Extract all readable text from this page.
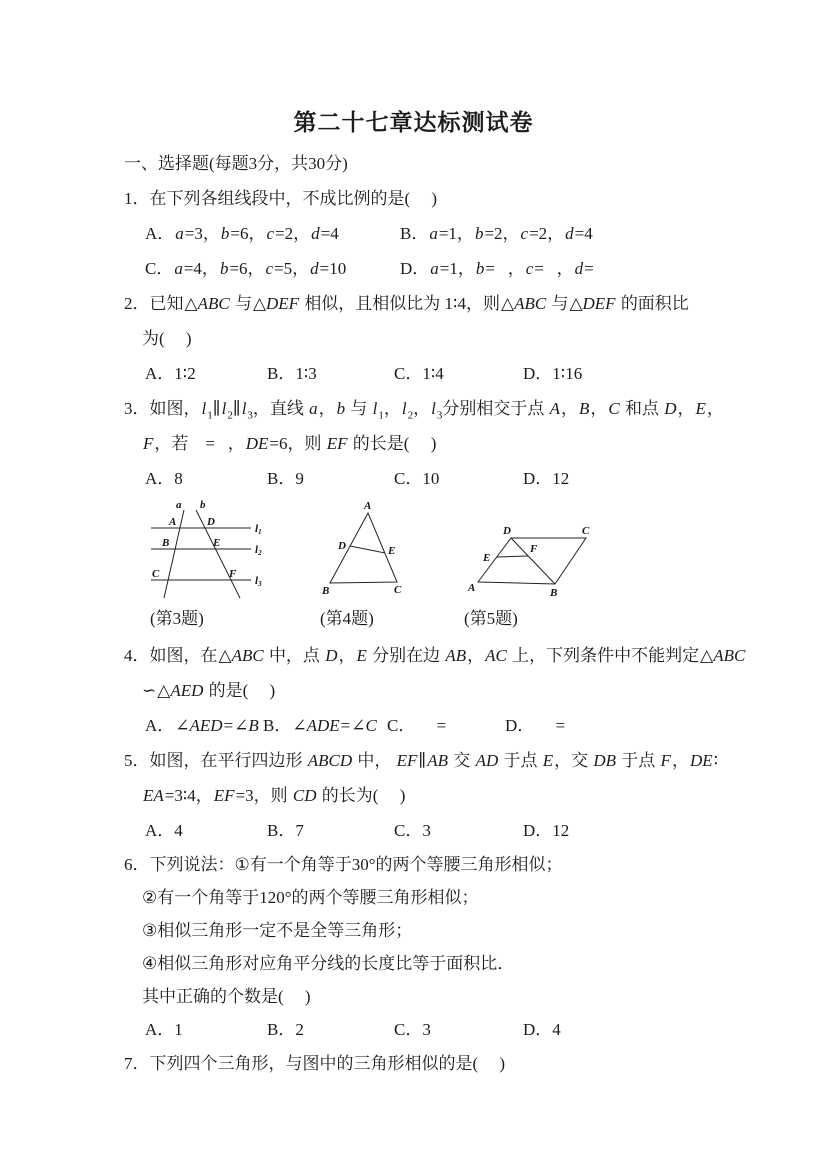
第二十七章达标测试卷
一、选择题(每题3分，共30分)
1．在下列各组线段中，不成比例的是(     )
A．a=3，b=6，c=2，d=4	B．a=1，b=2，c=2，d=4
C．a=4，b=6，c=5，d=10	D．a=1，b=   ，c=   ，d=
2．已知△ABC 与△DEF 相似，且相似比为 1∶4，则△ABC 与△DEF 的面积比
为(     )
A．1∶2	B．1∶3	C．1∶4	D．1∶16
3．如图，$l_1\parallel l_2\parallel l_3$，直线 a，b 与 $l_1$，$l_2$，$l_3$分别相交于点 A，B，C 和点 D，E，
F，若    =   ，DE=6，则 EF 的长是(     )
A．8	B．9	C．10	D．12
a b
A	D
B	E
C	F
l1
l2
l3
(第3题)
A
B	C
D	E
(第4题)
A	B
C
D
E
F
(第5题)
4．如图，在△ABC 中，点 D，E 分别在边 AB，AC 上，下列条件中不能判定△ABC
∽△AED 的是(     )
A．∠AED=∠B B．∠ADE=∠C C．     =	D．     =
5．如图，在平行四边形 ABCD 中， EF∥AB 交 AD 于点 E，交 DB 于点 F，DE∶
EA=3∶4，EF=3，则 CD 的长为(     )
A．4	B．7	C．3	D．12
6．下列说法：①有一个角等于30°的两个等腰三角形相似；
②有一个角等于120°的两个等腰三角形相似；
③相似三角形一定不是全等三角形；
④相似三角形对应角平分线的长度比等于面积比．
其中正确的个数是(     )
A．1	B．2	C．3	D．4
7．下列四个三角形，与图中的三角形相似的是(     )
